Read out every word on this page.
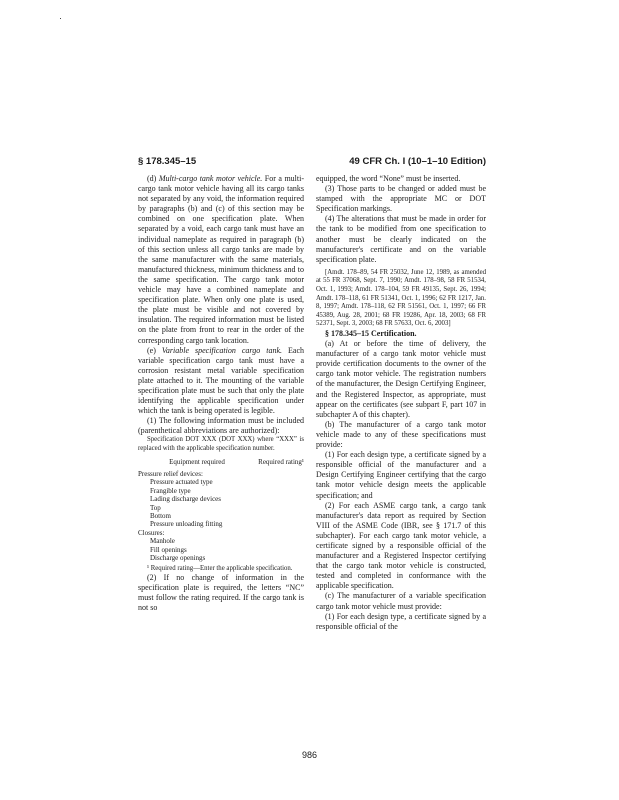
§ 178.345–15	49 CFR Ch. I (10–1–10 Edition)

(d) Multi-cargo tank motor vehicle. For a multi-cargo tank motor vehicle having all its cargo tanks not separated by any void, the information required by paragraphs (b) and (c) of this section may be combined on one specification plate. When separated by a void, each cargo tank must have an individual nameplate as required in paragraph (b) of this section unless all cargo tanks are made by the same manufacturer with the same materials, manufactured thickness, minimum thickness and to the same specification. The cargo tank motor vehicle may have a combined nameplate and specification plate. When only one plate is used, the plate must be visible and not covered by insulation. The required information must be listed on the plate from front to rear in the order of the corresponding cargo tank location.

(e) Variable specification cargo tank. Each variable specification cargo tank must have a corrosion resistant metal variable specification plate attached to it. The mounting of the variable specification plate must be such that only the plate identifying the applicable specification under which the tank is being operated is legible.

(1) The following information must be included (parenthetical abbreviations are authorized):

Specification DOT XXX (DOT XXX) where “XXX” is replaced with the applicable specification number.

Equipment required	Required rating¹
Pressure relief devices:	
Pressure actuated type	
Frangible type	
Lading discharge devices	
Top	
Bottom	
Pressure unloading fitting	
Closures:	
Manhole	
Fill openings	
Discharge openings	

¹ Required rating—Enter the applicable specification.

(2) If no change of information in the specification plate is required, the letters “NC” must follow the rating required. If the cargo tank is not so

equipped, the word “None” must be inserted.

(3) Those parts to be changed or added must be stamped with the appropriate MC or DOT Specification markings.

(4) The alterations that must be made in order for the tank to be modified from one specification to another must be clearly indicated on the manufacturer's certificate and on the variable specification plate.

[Amdt. 178–89, 54 FR 25032, June 12, 1989, as amended at 55 FR 37068, Sept. 7, 1990; Amdt. 178–98, 58 FR 51534, Oct. 1, 1993; Amdt. 178–104, 59 FR 49135, Sept. 26, 1994; Amdt. 178–118, 61 FR 51341, Oct. 1, 1996; 62 FR 1217, Jan. 8, 1997; Amdt. 178–118, 62 FR 51561, Oct. 1, 1997; 66 FR 45389, Aug. 28, 2001; 68 FR 19286, Apr. 18, 2003; 68 FR 52371, Sept. 3, 2003; 68 FR 57633, Oct. 6, 2003]

§ 178.345–15 Certification.

(a) At or before the time of delivery, the manufacturer of a cargo tank motor vehicle must provide certification documents to the owner of the cargo tank motor vehicle. The registration numbers of the manufacturer, the Design Certifying Engineer, and the Registered Inspector, as appropriate, must appear on the certificates (see subpart F, part 107 in subchapter A of this chapter).

(b) The manufacturer of a cargo tank motor vehicle made to any of these specifications must provide:

(1) For each design type, a certificate signed by a responsible official of the manufacturer and a Design Certifying Engineer certifying that the cargo tank motor vehicle design meets the applicable specification; and

(2) For each ASME cargo tank, a cargo tank manufacturer's data report as required by Section VIII of the ASME Code (IBR, see § 171.7 of this subchapter). For each cargo tank motor vehicle, a certificate signed by a responsible official of the manufacturer and a Registered Inspector certifying that the cargo tank motor vehicle is constructed, tested and completed in conformance with the applicable specification.

(c) The manufacturer of a variable specification cargo tank motor vehicle must provide:

(1) For each design type, a certificate signed by a responsible official of the

986
